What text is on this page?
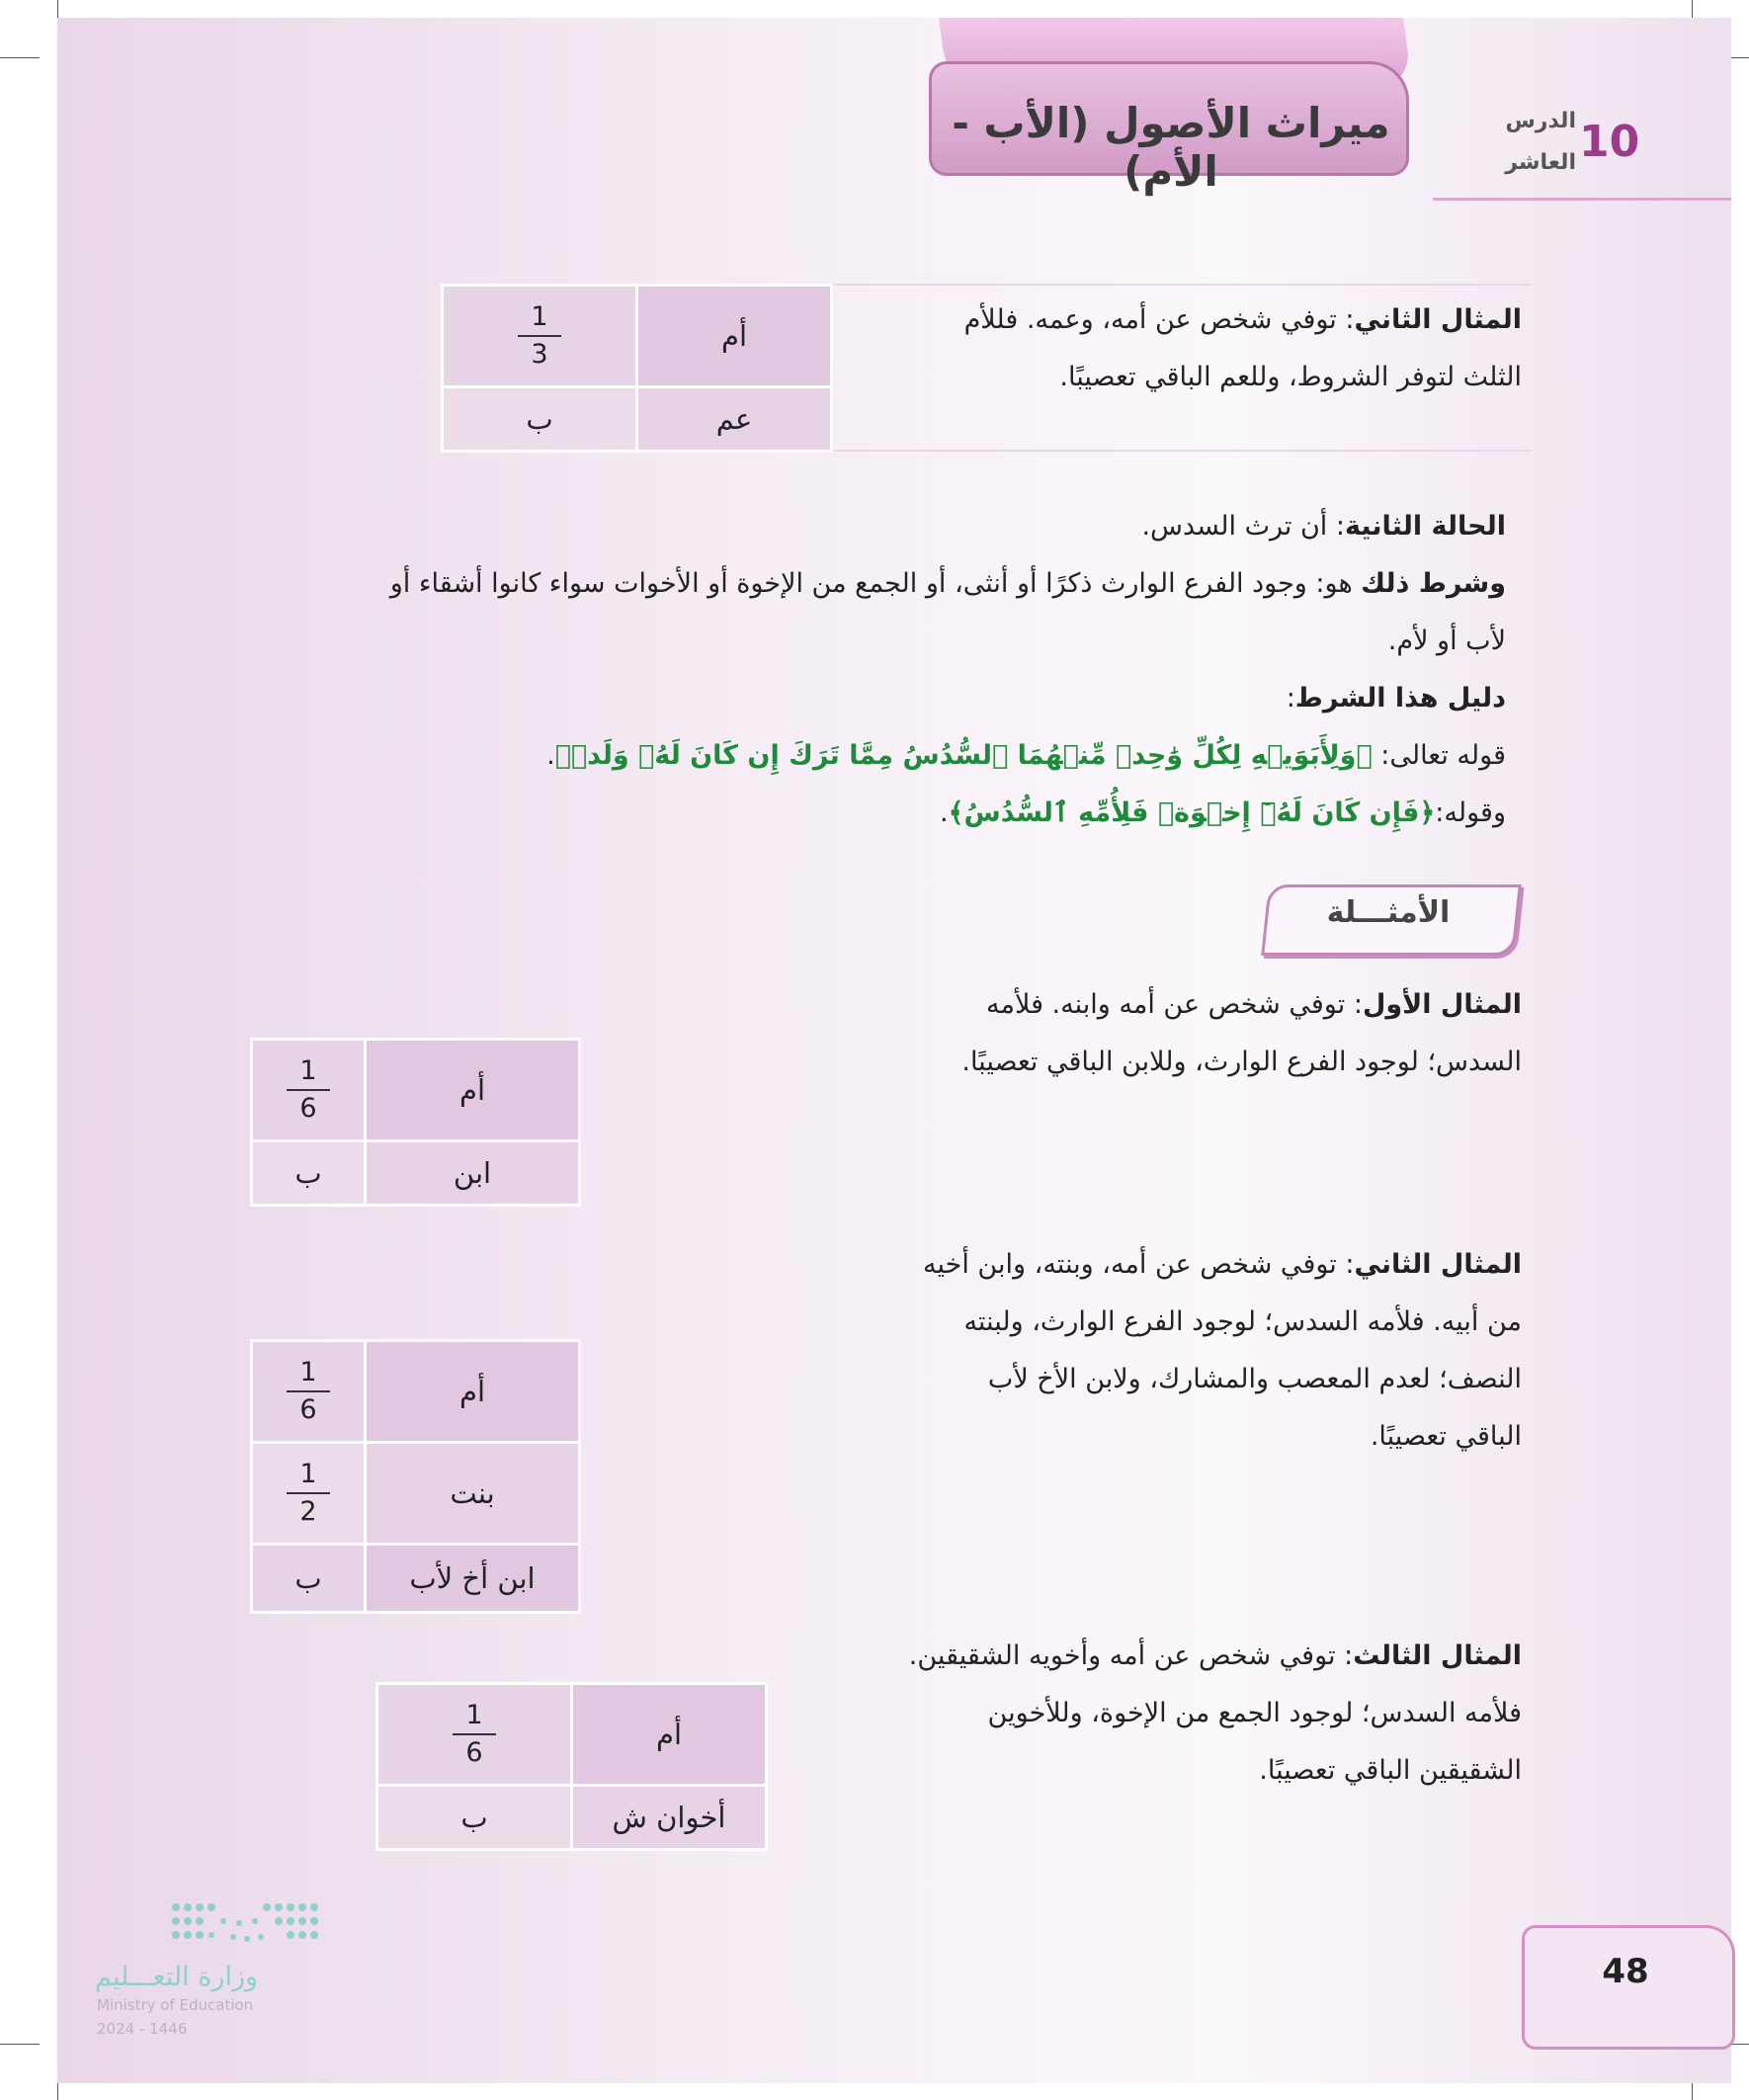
ميراث الأصول (الأب - الأم)
الدرس
العاشر 10
المثال الثاني: توفي شخص عن أمه، وعمه. فللأم
الثلث لتوفر الشروط، وللعم الباقي تعصيبًا.
أم	$\frac{1}{3}$

عم	ب
الحالة الثانية: أن ترث السدس.
وشرط ذلك هو: وجود الفرع الوارث ذكرًا أو أنثى، أو الجمع من الإخوة أو الأخوات سواء كانوا أشقاء أو
لأب أو لأم.
دليل هذا الشرط:
قوله تعالى: ﴿وَلِأَبَوَيۡهِ لِكُلِّ وَٰحِدٖ مِّنۡهُمَا ٱلسُّدُسُ مِمَّا تَرَكَ إِن كَانَ لَهُۥ وَلَدٞ﴾.
وقوله:﴿فَإِن كَانَ لَهُۥٓ إِخۡوَةٞ فَلِأُمِّهِ ٱلسُّدُسُ﴾.
الأمثـــلة
المثال الأول: توفي شخص عن أمه وابنه. فلأمه
السدس؛ لوجود الفرع الوارث، وللابن الباقي تعصيبًا.
أم	$\frac{1}{6}$

ابن	ب
المثال الثاني: توفي شخص عن أمه، وبنته، وابن أخيه
من أبيه. فلأمه السدس؛ لوجود الفرع الوارث، ولبنته
النصف؛ لعدم المعصب والمشارك، ولابن الأخ لأب
الباقي تعصيبًا.
أم	$\frac{1}{6}$

بنت	$\frac{1}{2}$

ابن أخ لأب	ب
المثال الثالث: توفي شخص عن أمه وأخويه الشقيقين.
فلأمه السدس؛ لوجود الجمع من الإخوة، وللأخوين
الشقيقين الباقي تعصيبًا.
أم	$\frac{1}{6}$

أخوان ش	ب
وزارة التعـــليم
Ministry of Education
2024 - 1446
48
